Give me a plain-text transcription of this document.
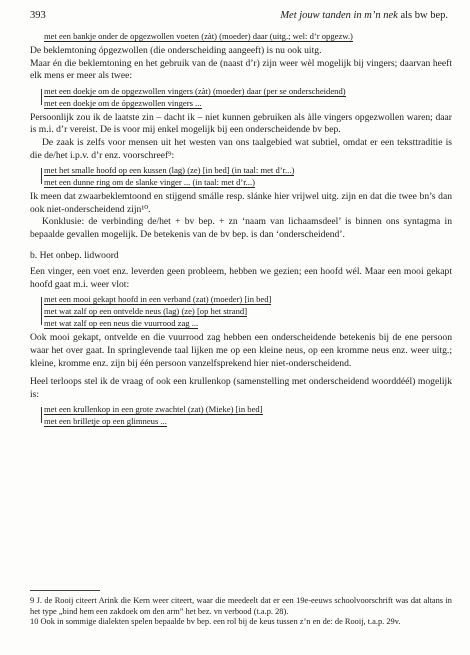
393	Met jouw tanden in m’n nek als bw bep.
met een bankje onder de opgezwollen voeten (zàt) (moeder) daar (uitg.; wel: d’r opgezw.)

De beklemtoning ópgezwollen (die onderscheiding aangeeft) is nu ook uitg.

Maar én die beklemtoning en het gebruik van de (naast d’r) zijn weer wèl mogelijk bij vingers; daarvan heeft elk mens er meer als twee:

met een doekje om de opgezwollen vingers (zàt) (moeder) daar (per se onderscheidend)
met een doekje om de ópgezwollen vingers ...

Persoonlijk zou ik de laatste zin – dacht ik – niet kunnen gebruiken als àlle vingers opgezwollen waren; daar is m.i. d’r vereist. De is voor mij enkel mogelijk bij een onderscheidende bv bep.

De zaak is zelfs voor mensen uit het westen van ons taalgebied wat subtiel, omdat er een teksttraditie is die de/het i.p.v. d’r enz. voorschreef⁹:

met het smalle hoofd op een kussen (lag) (ze) [in bed] (in taal: met d’r...)
met een dunne ring om de slanke vinger ... (in taal: met d’r...)

Ik meen dat zwaarbeklemtoond en stijgend smálle resp. slánke hier vrijwel uitg. zijn en dat die twee bn’s dan ook niet-onderscheidend zijn¹⁰.

Konklusie: de verbinding de/het + bv bep. + zn ‘naam van lichaamsdeel’ is binnen ons syntagma in bepaalde gevallen mogelijk. De betekenis van de bv bep. is dan ‘onderscheidend’.

b. Het onbep. lidwoord

Een vinger, een voet enz. leverden geen probleem, hebben we gezien; een hoofd wél. Maar een mooi gekapt hoofd gaat m.i. weer vlot:

met een mooi gekapt hoofd in een verband (zat) (moeder) [in bed]
met wat zalf op een ontvelde neus (lag) (ze) [op het strand]
met wat zalf op een neus die vuurrood zag ...

Ook mooi gekapt, ontvelde en die vuurrood zag hebben een onderscheidende betekenis bij de ene persoon waar het over gaat. In springlevende taal lijken me op een kleine neus, op een kromme neus enz. weer uitg.; kleine, kromme enz. zijn bij één persoon vanzelfsprekend hier niet-onderscheidend.

Heel terloops stel ik de vraag of ook een krullenkop (samenstelling met onderscheidend woorddéél) mogelijk is:

met een krullenkop in een grote zwachtel (zat) (Mieke) [in bed]
met een brilletje op een glimneus ...

9 J. de Rooij citeert Arink die Kern weer citeert, waar die meedeelt dat er een 19e-eeuws schoolvoorschrift was dat altans in het type „bind hem een zakdoek om den arm” het bez. vn verbood (t.a.p. 28).

10 Ook in sommige dialekten spelen bepaalde bv bep. een rol bij de keus tussen z’n en de: de Rooij, t.a.p. 29v.
